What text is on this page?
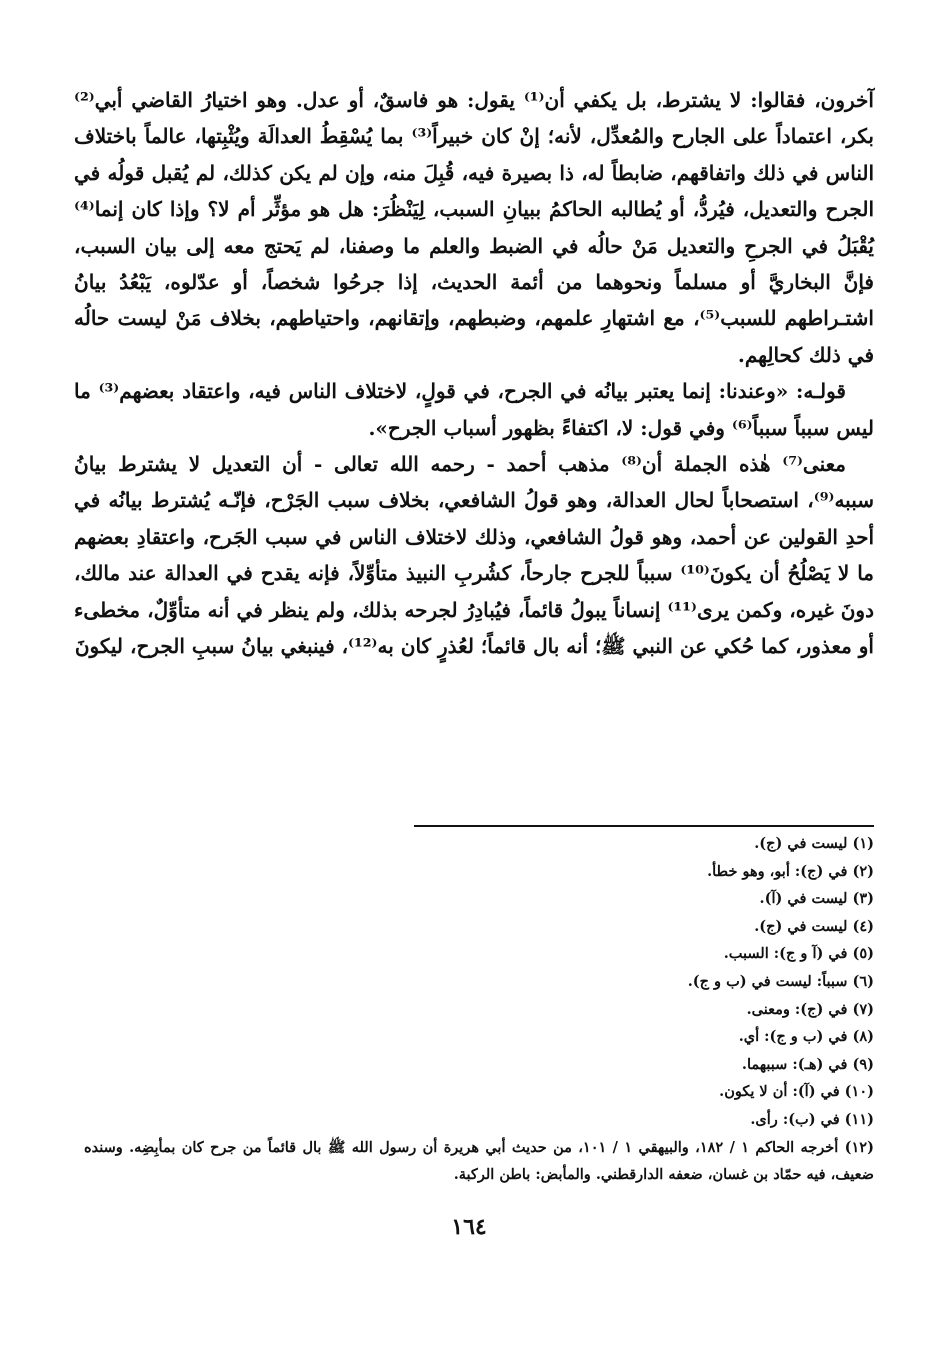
آخرون، فقالوا: لا يشترط، بل يكفي أن⁽¹⁾ يقول: هو فاسقٌ، أو عدل. وهو اختيارُ القاضي أبي⁽²⁾ بكر، اعتماداً على الجارح والمُعدِّل، لأنه؛ إنْ كان خبيراً⁽³⁾ بما يُسْقِطُ العدالَة ويُثْبِتها، عالماً باختلاف الناس في ذلك واتفاقهم، ضابطاً له، ذا بصيرة فيه، قُبِلَ منه، وإن لم يكن كذلك، لم يُقبل قولُه في الجرح والتعديل، فيُردُّ، أو يُطالبه الحاكمُ ببيانِ السبب، لِيَنْظُرَ: هل هو مؤثِّر أم لا؟ وإذا كان إنما⁽⁴⁾ يُقْبَلُ في الجرحِ والتعديل مَنْ حالُه في الضبط والعلم ما وصفنا، لم يَحتج معه إلى بيان السبب، فإنَّ البخاريَّ أو مسلماً ونحوهما من أئمة الحديث، إذا جرحُوا شخصاً، أو عدّلوه، يَبْعُدُ بيانُ اشتـراطهم للسبب⁽⁵⁾، مع اشتهارِ علمهم، وضبطهم، وإتقانهم، واحتياطهم، بخلاف مَنْ ليست حالُه في ذلك كحالِهم.

قولـه: «وعندنا: إنما يعتبر بيانُه في الجرح، في قولٍ، لاختلاف الناس فيه، واعتقاد بعضهم⁽³⁾ ما ليس سبباً سبباً⁽⁶⁾ وفي قول: لا، اكتفاءً بظهور أسباب الجرح».

معنى⁽⁷⁾ هٰذه الجملة أن⁽⁸⁾ مذهب أحمد - رحمه الله تعالى - أن التعديل لا يشترط بيانُ سببه⁽⁹⁾، استصحاباً لحال العدالة، وهو قولُ الشافعي، بخلاف سبب الجَرْح، فإنّـه يُشترط بيانُه في أحدِ القولين عن أحمد، وهو قولُ الشافعي، وذلك لاختلاف الناس في سبب الجَرح، واعتقادِ بعضهم ما لا يَصْلُحُ أن يكونَ⁽¹⁰⁾ سبباً للجرح جارحاً، كشُربِ النبيذ متأوِّلاً، فإنه يقدح في العدالة عند مالك، دونَ غيره، وكمن يرى⁽¹¹⁾ إنساناً يبولُ قائماً، فيُبادِرُ لجرحه بذلك، ولم ينظر في أنه متأوِّلٌ، مخطىء أو معذور، كما حُكي عن النبي ﷺ؛ أنه بال قائماً؛ لعُذرٍ كان به⁽¹²⁾، فينبغي بيانُ سببِ الجرح، ليكونَ

(١) ليست في (ج).

(٢) في (ج): أبو، وهو خطأ.

(٣) ليست في (آ).

(٤) ليست في (ج).

(٥) في (آ و ج): السبب.

(٦) سبباً: ليست في (ب و ج).

(٧) في (ج): ومعنى.

(٨) في (ب و ج): أي.

(٩) في (هـ): سببهما.

(١٠) في (آ): أن لا يكون.

(١١) في (ب): رأى.

(١٢) أخرجه الحاكم ١ / ١٨٢، والبيهقي ١ / ١٠١، من حديث أبي هريرة أن رسول الله ﷺ بال قائماً من جرح كان بمأبِضِه. وسنده ضعيف، فيه حمّاد بن غسان، ضعفه الدارقطني. والمأبض: باطن الركبة.

١٦٤
